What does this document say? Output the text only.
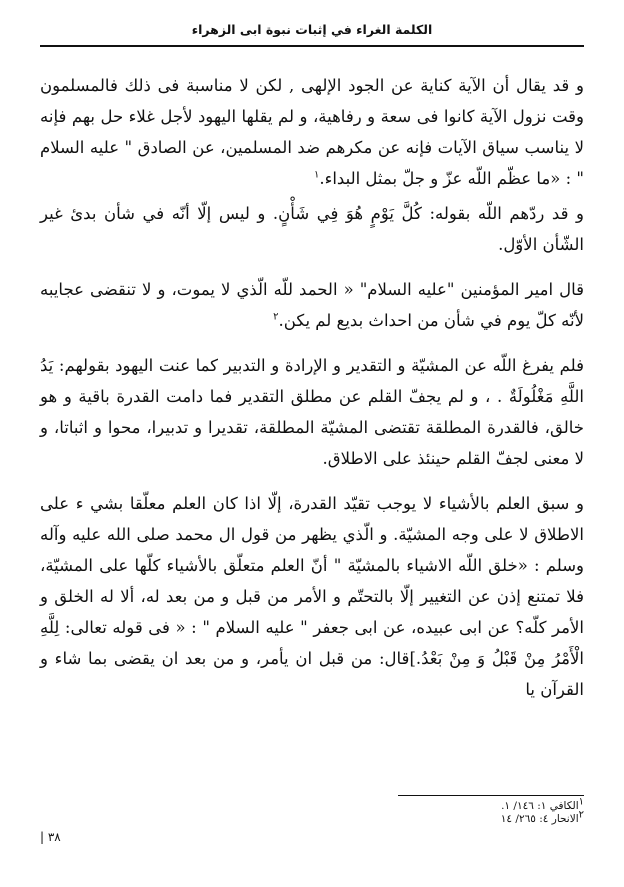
الكلمة الغراء في إثبات نبوة ابى الزهراء

و قد يقال أن الآية كناية عن الجود الإلهى , لكن لا مناسبة فى ذلك فالمسلمون وقت نزول الآية كانوا فى سعة و رفاهية، و لم يقلها اليهود لأجل غلاء حل بهم فإنه لا يناسب سياق الآيات فإنه عن مكرهم ضد المسلمين، عن الصادق " عليه السلام " : «ما عظّم اللّه عزّ و جلّ بمثل البداء.$^١$

و قد ردّهم اللّه بقوله: كُلَّ يَوْمٍ هُوَ فِي شَأْنٍ. و ليس إلّا أنّه في شأن بدئ غير الشّأن الأوّل.

قال امير المؤمنين "عليه السلام" « الحمد للّه الّذي لا يموت، و لا تنقضى عجايبه لأنّه كلّ يوم في شأن من احداث بديع لم يكن.$^٢$

فلم يفرغ اللّه عن المشيّة و التقدير و الإرادة و التدبير كما عنت اليهود بقولهم: يَدُ اللَّهِ مَغْلُولَةٌ . ، و لم يجفّ القلم عن مطلق التقدير فما دامت القدرة باقية و هو خالق، فالقدرة المطلقة تقتضى المشيّة المطلقة، تقديرا و تدبيرا، محوا و اثباتا، و لا معنى لجفّ القلم حينئذ على الاطلاق.

و سبق العلم بالأشياء لا يوجب تقيّد القدرة، إلّا اذا كان العلم معلّقا بشي ء على الاطلاق لا على وجه المشيّة. و الّذي يظهر من قول ال محمد صلى الله عليه وآله وسلم : «خلق اللّه الاشياء بالمشيّة " أنّ العلم متعلّق بالأشياء كلّها على المشيّة، فلا تمتنع إذن عن التغيير إلّا بالتحتّم و الأمر من قبل و من بعد له، ألا له الخلق و الأمر كلّه؟ عن ابى عبيده، عن ابى جعفر " عليه السلام " : « فى قوله تعالى: لِلَّهِ الْأَمْرُ مِنْ قَبْلُ وَ مِنْ بَعْدُ.]قال: من قبل ان يأمر، و من بعد ان يقضى بما شاء و القرآن يا

١الكافي ١: ١٤٦/ ١.
٢الانحار ٤: ٢٦٥/ ١٤
٣٨ |
